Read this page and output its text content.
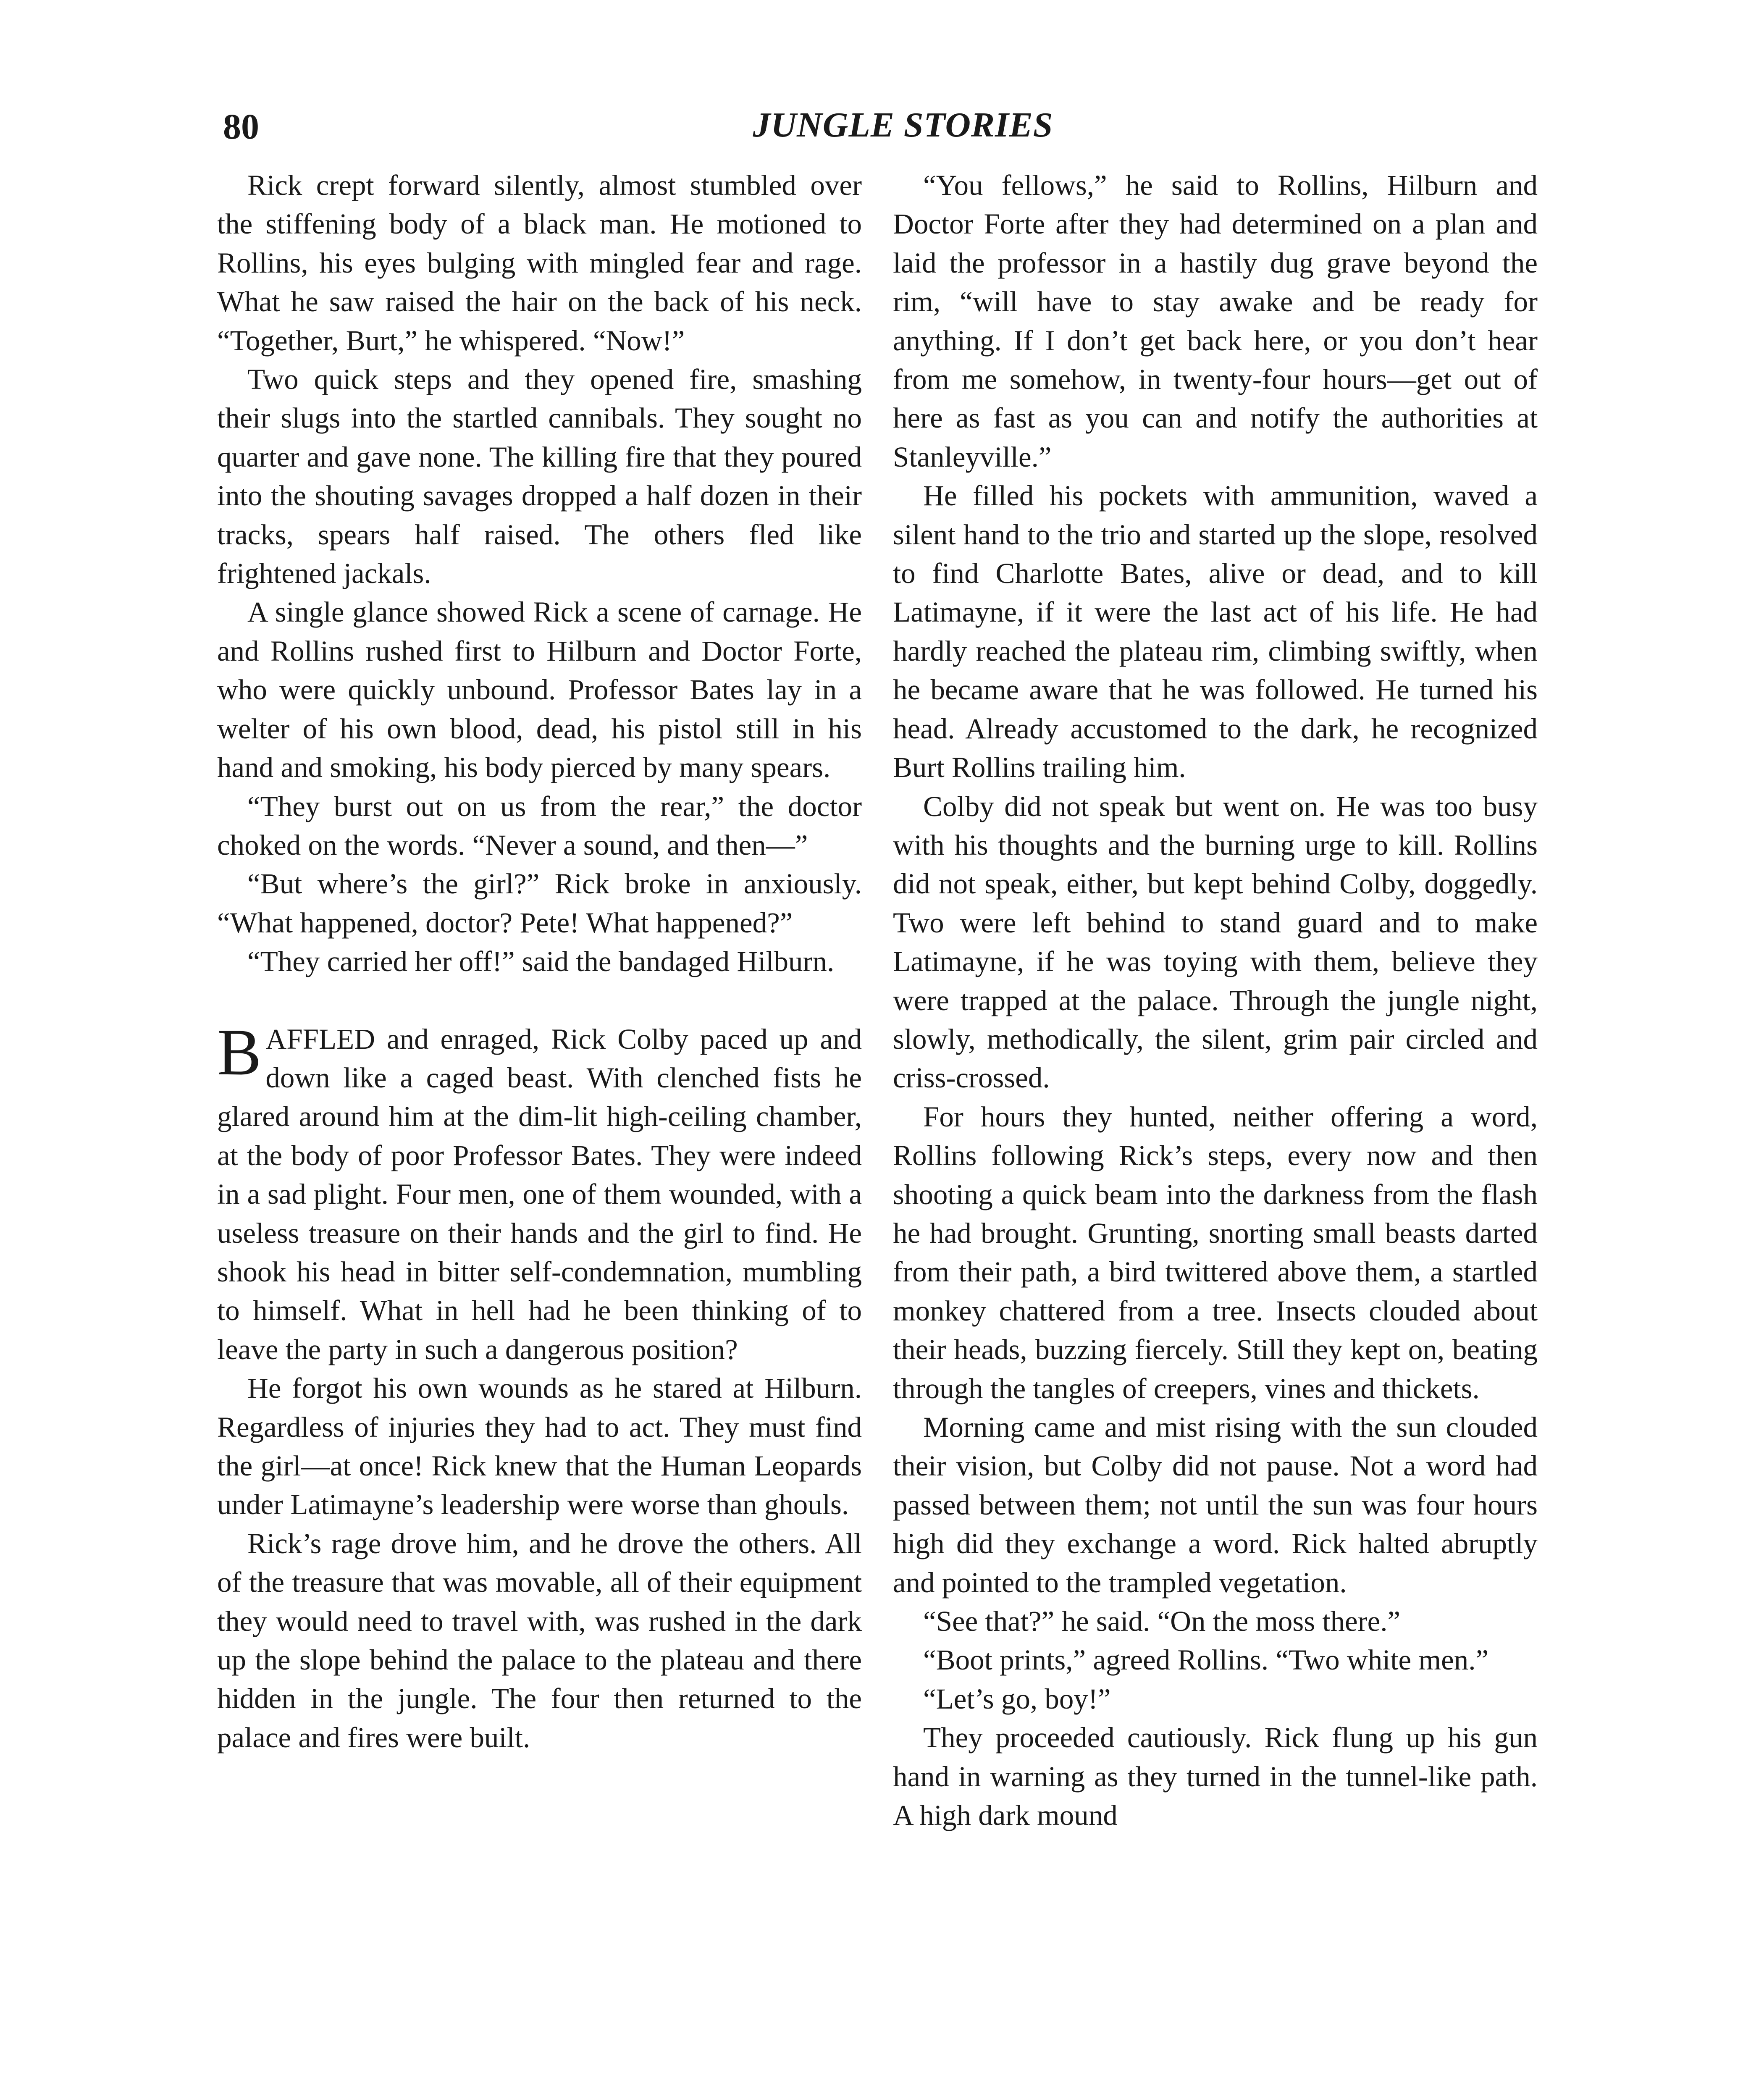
80	JUNGLE STORIES

Rick crept forward silently, almost stumbled over the stiffening body of a black man. He motioned to Rollins, his eyes bulging with mingled fear and rage. What he saw raised the hair on the back of his neck. “Together, Burt,” he whispered. “Now!”

Two quick steps and they opened fire, smashing their slugs into the startled cannibals. They sought no quarter and gave none. The killing fire that they poured into the shouting savages dropped a half dozen in their tracks, spears half raised. The others fled like frightened jackals.

A single glance showed Rick a scene of carnage. He and Rollins rushed first to Hilburn and Doctor Forte, who were quickly unbound. Professor Bates lay in a welter of his own blood, dead, his pistol still in his hand and smoking, his body pierced by many spears.

“They burst out on us from the rear,” the doctor choked on the words. “Never a sound, and then—”

“But where’s the girl?” Rick broke in anxiously. “What happened, doctor? Pete! What happened?”

“They carried her off!” said the bandaged Hilburn.

BAFFLED and enraged, Rick Colby paced up and down like a caged beast. With clenched fists he glared around him at the dim-lit high-ceiling chamber, at the body of poor Professor Bates. They were indeed in a sad plight. Four men, one of them wounded, with a useless treasure on their hands and the girl to find. He shook his head in bitter self-condemnation, mumbling to himself. What in hell had he been thinking of to leave the party in such a dangerous position?

He forgot his own wounds as he stared at Hilburn. Regardless of injuries they had to act. They must find the girl—at once! Rick knew that the Human Leopards under Latimayne’s leadership were worse than ghouls.

Rick’s rage drove him, and he drove the others. All of the treasure that was movable, all of their equipment they would need to travel with, was rushed in the dark up the slope behind the palace to the plateau and there hidden in the jungle. The four then returned to the palace and fires were built.

“You fellows,” he said to Rollins, Hilburn and Doctor Forte after they had determined on a plan and laid the professor in a hastily dug grave beyond the rim, “will have to stay awake and be ready for anything. If I don’t get back here, or you don’t hear from me somehow, in twenty-four hours—get out of here as fast as you can and notify the authorities at Stanleyville.”

He filled his pockets with ammunition, waved a silent hand to the trio and started up the slope, resolved to find Charlotte Bates, alive or dead, and to kill Latimayne, if it were the last act of his life. He had hardly reached the plateau rim, climbing swiftly, when he became aware that he was followed. He turned his head. Already accustomed to the dark, he recognized Burt Rollins trailing him.

Colby did not speak but went on. He was too busy with his thoughts and the burning urge to kill. Rollins did not speak, either, but kept behind Colby, doggedly. Two were left behind to stand guard and to make Latimayne, if he was toying with them, believe they were trapped at the palace. Through the jungle night, slowly, methodically, the silent, grim pair circled and criss-crossed.

For hours they hunted, neither offering a word, Rollins following Rick’s steps, every now and then shooting a quick beam into the darkness from the flash he had brought. Grunting, snorting small beasts darted from their path, a bird twittered above them, a startled monkey chattered from a tree. Insects clouded about their heads, buzzing fiercely. Still they kept on, beating through the tangles of creepers, vines and thickets.

Morning came and mist rising with the sun clouded their vision, but Colby did not pause. Not a word had passed between them; not until the sun was four hours high did they exchange a word. Rick halted abruptly and pointed to the trampled vegetation.

“See that?” he said. “On the moss there.”

“Boot prints,” agreed Rollins. “Two white men.”

“Let’s go, boy!”

They proceeded cautiously. Rick flung up his gun hand in warning as they turned in the tunnel-like path. A high dark mound
